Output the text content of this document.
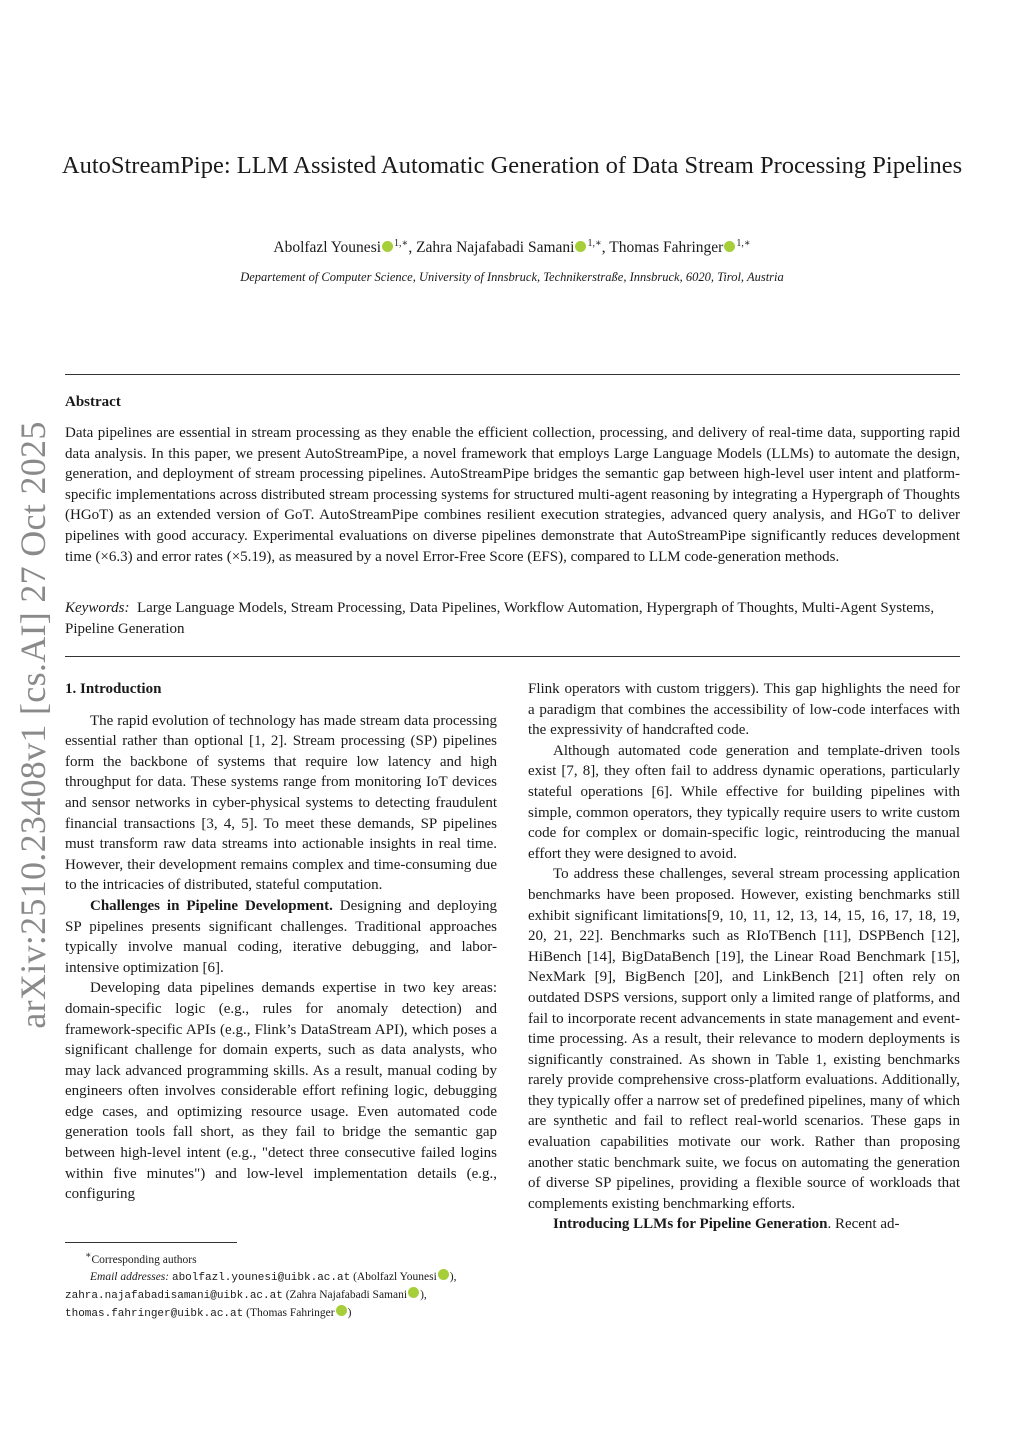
arXiv:2510.23408v1 [cs.AI] 27 Oct 2025
AutoStreamPipe: LLM Assisted Automatic Generation of Data Stream Processing Pipelines
Abolfazl Younesi $^{1,∗}$, Zahra Najafabadi Samani $^{1,∗}$, Thomas Fahringer $^{1,∗}$
Departement of Computer Science, University of Innsbruck, Technikerstraße, Innsbruck, 6020, Tirol, Austria
Abstract
Data pipelines are essential in stream processing as they enable the efficient collection, processing, and delivery of real-time data, supporting rapid data analysis. In this paper, we present AutoStreamPipe, a novel framework that employs Large Language Models (LLMs) to automate the design, generation, and deployment of stream processing pipelines. AutoStreamPipe bridges the semantic gap between high-level user intent and platform-specific implementations across distributed stream processing systems for structured multi-agent reasoning by integrating a Hypergraph of Thoughts (HGoT) as an extended version of GoT. AutoStreamPipe combines resilient execution strategies, advanced query analysis, and HGoT to deliver pipelines with good accuracy. Experimental evaluations on diverse pipelines demonstrate that AutoStreamPipe significantly reduces development time (×6.3) and error rates (×5.19), as measured by a novel Error-Free Score (EFS), compared to LLM code-generation methods.
Keywords: Large Language Models, Stream Processing, Data Pipelines, Workflow Automation, Hypergraph of Thoughts, Multi-Agent Systems, Pipeline Generation

1. Introduction

The rapid evolution of technology has made stream data processing essential rather than optional [1, 2]. Stream processing (SP) pipelines form the backbone of systems that require low latency and high throughput for data. These systems range from monitoring IoT devices and sensor networks in cyber-physical systems to detecting fraudulent financial transactions [3, 4, 5]. To meet these demands, SP pipelines must transform raw data streams into actionable insights in real time. However, their development remains complex and time-consuming due to the intricacies of distributed, stateful computation.

Challenges in Pipeline Development. Designing and deploying SP pipelines presents significant challenges. Traditional approaches typically involve manual coding, iterative debugging, and labor-intensive optimization [6].

Developing data pipelines demands expertise in two key areas: domain-specific logic (e.g., rules for anomaly detection) and framework-specific APIs (e.g., Flink’s DataStream API), which poses a significant challenge for domain experts, such as data analysts, who may lack advanced programming skills. As a result, manual coding by engineers often involves considerable effort refining logic, debugging edge cases, and optimizing resource usage. Even automated code generation tools fall short, as they fail to bridge the semantic gap between high-level intent (e.g., "detect three consecutive failed logins within five minutes") and low-level implementation details (e.g., configuring

Flink operators with custom triggers). This gap highlights the need for a paradigm that combines the accessibility of low-code interfaces with the expressivity of handcrafted code.

Although automated code generation and template-driven tools exist [7, 8], they often fail to address dynamic operations, particularly stateful operations [6]. While effective for building pipelines with simple, common operators, they typically require users to write custom code for complex or domain-specific logic, reintroducing the manual effort they were designed to avoid.

To address these challenges, several stream processing application benchmarks have been proposed. However, existing benchmarks still exhibit significant limitations[9, 10, 11, 12, 13, 14, 15, 16, 17, 18, 19, 20, 21, 22]. Benchmarks such as RIoTBench [11], DSPBench [12], HiBench [14], BigDataBench [19], the Linear Road Benchmark [15], NexMark [9], BigBench [20], and LinkBench [21] often rely on outdated DSPS versions, support only a limited range of platforms, and fail to incorporate recent advancements in state management and event-time processing. As a result, their relevance to modern deployments is significantly constrained. As shown in Table 1, existing benchmarks rarely provide comprehensive cross-platform evaluations. Additionally, they typically offer a narrow set of predefined pipelines, many of which are synthetic and fail to reflect real-world scenarios. These gaps in evaluation capabilities motivate our work. Rather than proposing another static benchmark suite, we focus on automating the generation of diverse SP pipelines, providing a flexible source of workloads that complements existing benchmarking efforts.

Introducing LLMs for Pipeline Generation. Recent ad-

∗Corresponding authors
Email addresses: abolfazl.younesi@uibk.ac.at (Abolfazl Younesi ), zahra.najafabadisamani@uibk.ac.at (Zahra Najafabadi Samani ), thomas.fahringer@uibk.ac.at (Thomas Fahringer )
